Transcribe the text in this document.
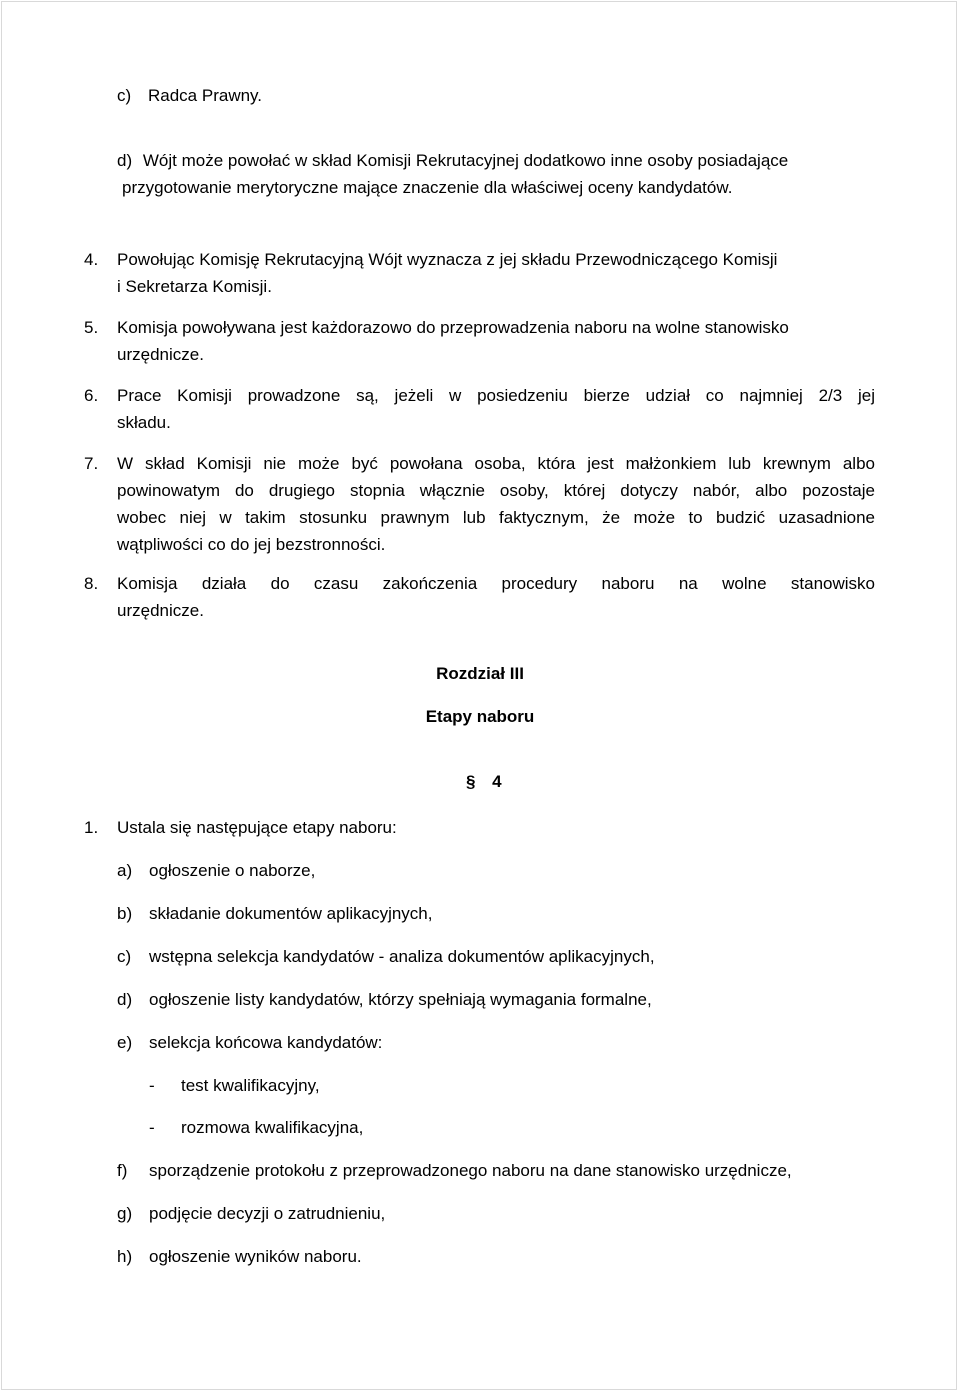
c) Radca Prawny.
d) Wójt może powołać w skład Komisji Rekrutacyjnej dodatkowo inne osoby posiadające
przygotowanie merytoryczne mające znaczenie dla właściwej oceny kandydatów.
4. Powołując Komisję Rekrutacyjną Wójt wyznacza z jej składu Przewodniczącego Komisji
i Sekretarza Komisji.
5. Komisja powoływana jest każdorazowo do przeprowadzenia naboru na wolne stanowisko
urzędnicze.
6. Prace Komisji prowadzone są, jeżeli w posiedzeniu bierze udział co najmniej 2/3 jej
składu.
7. W skład Komisji nie może być powołana osoba, która jest małżonkiem lub krewnym albo
powinowatym do drugiego stopnia włącznie osoby, której dotyczy nabór, albo pozostaje
wobec niej w takim stosunku prawnym lub faktycznym, że może to budzić uzasadnione
wątpliwości co do jej bezstronności.
8. Komisja działa do czasu zakończenia procedury naboru na wolne stanowisko
urzędnicze.
Rozdział III
Etapy naboru
§ 4
1. Ustala się następujące etapy naboru:
a) ogłoszenie o naborze,
b) składanie dokumentów aplikacyjnych,
c) wstępna selekcja kandydatów - analiza dokumentów aplikacyjnych,
d) ogłoszenie listy kandydatów, którzy spełniają wymagania formalne,
e) selekcja końcowa kandydatów:
- test kwalifikacyjny,
- rozmowa kwalifikacyjna,
f) sporządzenie protokołu z przeprowadzonego naboru na dane stanowisko urzędnicze,
g) podjęcie decyzji o zatrudnieniu,
h) ogłoszenie wyników naboru.
